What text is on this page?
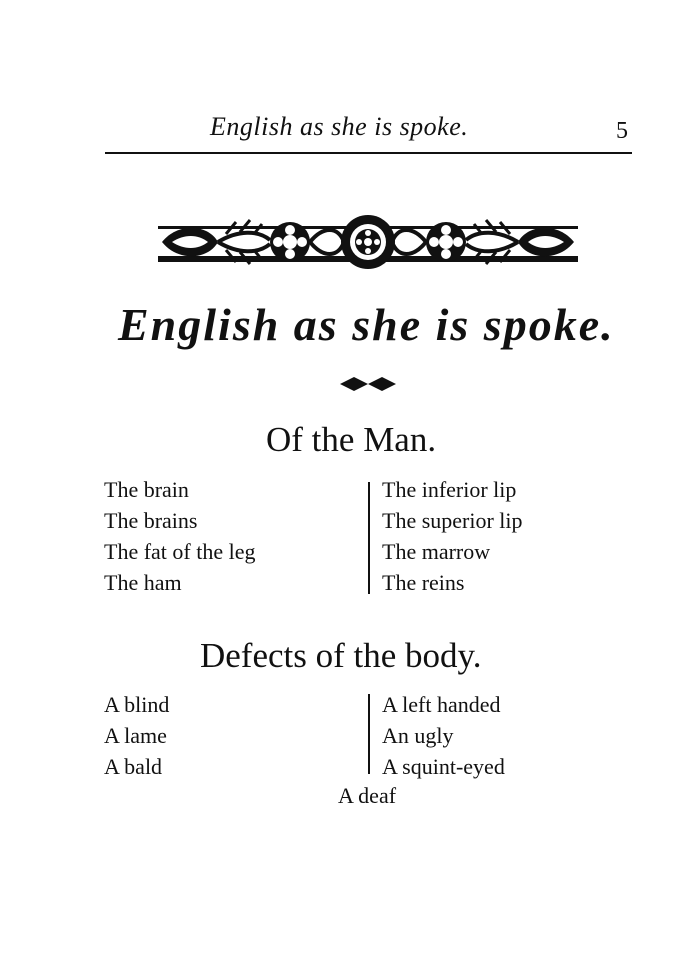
English as she is spoke.	5
English as she is spoke.
Of the Man.
The brain
The brains
The fat of the leg
The ham
The inferior lip
The superior lip
The marrow
The reins
Defects of the body.
A blind
A lame
A bald
A left handed
An ugly
A squint-eyed
A deaf
